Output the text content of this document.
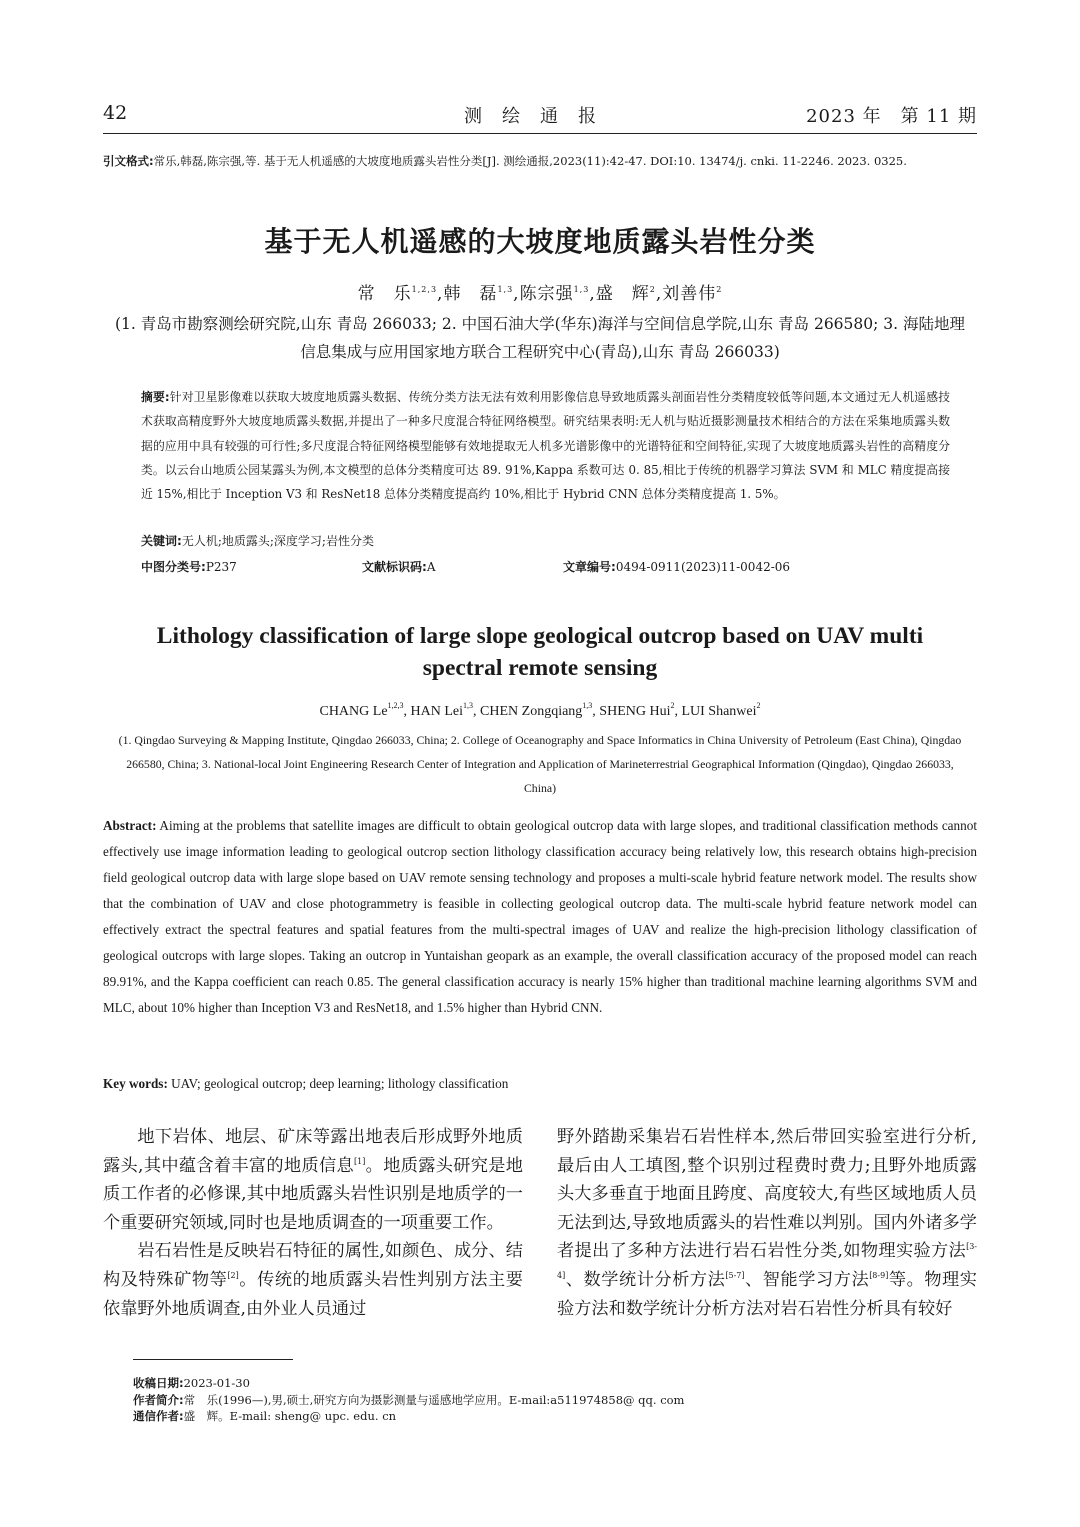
42	测绘通报	2023 年　第 11 期
引文格式:常乐,韩磊,陈宗强,等. 基于无人机遥感的大坡度地质露头岩性分类[J]. 测绘通报,2023(11):42-47. DOI:10. 13474/j. cnki. 11-2246. 2023. 0325.
基于无人机遥感的大坡度地质露头岩性分类
常　乐$^{1,2,3}$,韩　磊$^{1,3}$,陈宗强$^{1,3}$,盛　辉$^2$,刘善伟$^2$
(1. 青岛市勘察测绘研究院,山东 青岛 266033; 2. 中国石油大学(华东)海洋与空间信息学院,山东 青岛 266580; 3. 海陆地理信息集成与应用国家地方联合工程研究中心(青岛),山东 青岛 266033)
摘要:针对卫星影像难以获取大坡度地质露头数据、传统分类方法无法有效利用影像信息导致地质露头剖面岩性分类精度较低等问题,本文通过无人机遥感技术获取高精度野外大坡度地质露头数据,并提出了一种多尺度混合特征网络模型。研究结果表明:无人机与贴近摄影测量技术相结合的方法在采集地质露头数据的应用中具有较强的可行性;多尺度混合特征网络模型能够有效地提取无人机多光谱影像中的光谱特征和空间特征,实现了大坡度地质露头岩性的高精度分类。以云台山地质公园某露头为例,本文模型的总体分类精度可达 89. 91%,Kappa 系数可达 0. 85,相比于传统的机器学习算法 SVM 和 MLC 精度提高接近 15%,相比于 Inception V3 和 ResNet18 总体分类精度提高约 10%,相比于 Hybrid CNN 总体分类精度提高 1. 5%。
关键词:无人机;地质露头;深度学习;岩性分类
中图分类号:P237	文献标识码:A	文章编号:0494-0911(2023)11-0042-06
Lithology classification of large slope geological outcrop based on UAV multi spectral remote sensing
CHANG Le$^{1,2,3}$, HAN Lei$^{1,3}$, CHEN Zongqiang$^{1,3}$, SHENG Hui$^2$, LUI Shanwei$^2$
(1. Qingdao Surveying & Mapping Institute, Qingdao 266033, China; 2. College of Oceanography and Space Informatics in China University of Petroleum (East China), Qingdao 266580, China; 3. National-local Joint Engineering Research Center of Integration and Application of Marineterrestrial Geographical Information (Qingdao), Qingdao 266033, China)
Abstract: Aiming at the problems that satellite images are difficult to obtain geological outcrop data with large slopes, and traditional classification methods cannot effectively use image information leading to geological outcrop section lithology classification accuracy being relatively low, this research obtains high-precision field geological outcrop data with large slope based on UAV remote sensing technology and proposes a multi-scale hybrid feature network model. The results show that the combination of UAV and close photogrammetry is feasible in collecting geological outcrop data. The multi-scale hybrid feature network model can effectively extract the spectral features and spatial features from the multi-spectral images of UAV and realize the high-precision lithology classification of geological outcrops with large slopes. Taking an outcrop in Yuntaishan geopark as an example, the overall classification accuracy of the proposed model can reach 89.91%, and the Kappa coefficient can reach 0.85. The general classification accuracy is nearly 15% higher than traditional machine learning algorithms SVM and MLC, about 10% higher than Inception V3 and ResNet18, and 1.5% higher than Hybrid CNN.
Key words: UAV; geological outcrop; deep learning; lithology classification

地下岩体、地层、矿床等露出地表后形成野外地质露头,其中蕴含着丰富的地质信息[1]。地质露头研究是地质工作者的必修课,其中地质露头岩性识别是地质学的一个重要研究领域,同时也是地质调查的一项重要工作。

岩石岩性是反映岩石特征的属性,如颜色、成分、结构及特殊矿物等[2]。传统的地质露头岩性判别方法主要依靠野外地质调查,由外业人员通过

野外踏勘采集岩石岩性样本,然后带回实验室进行分析,最后由人工填图,整个识别过程费时费力;且野外地质露头大多垂直于地面且跨度、高度较大,有些区域地质人员无法到达,导致地质露头的岩性难以判别。国内外诸多学者提出了多种方法进行岩石岩性分类,如物理实验方法[3-4]、数学统计分析方法[5-7]、智能学习方法[8-9]等。物理实验方法和数学统计分析方法对岩石岩性分析具有较好

收稿日期:2023-01-30
作者简介:常　乐(1996—),男,硕士,研究方向为摄影测量与遥感地学应用。E-mail:a511974858@ qq. com
通信作者:盛　辉。E-mail: sheng@ upc. edu. cn
